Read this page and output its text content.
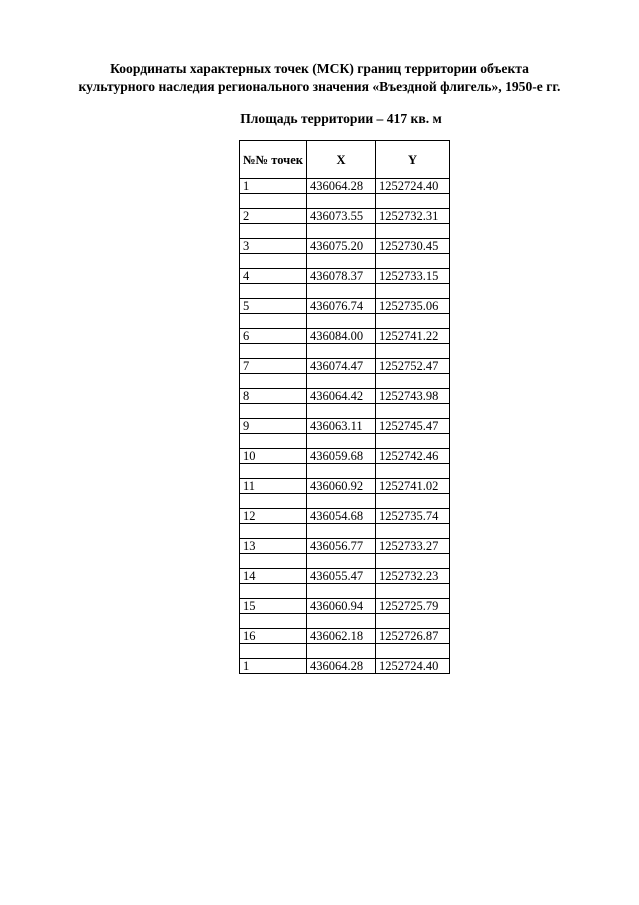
Координаты характерных точек (МСК) границ территории объекта
культурного наследия регионального значения «Въездной флигель», 1950-е гг.
Площадь территории – 417 кв. м
№№ точек	X	Y
1	436064.28	1252724.40

2	436073.55	1252732.31

3	436075.20	1252730.45

4	436078.37	1252733.15

5	436076.74	1252735.06

6	436084.00	1252741.22

7	436074.47	1252752.47

8	436064.42	1252743.98

9	436063.11	1252745.47

10	436059.68	1252742.46

11	436060.92	1252741.02

12	436054.68	1252735.74

13	436056.77	1252733.27

14	436055.47	1252732.23

15	436060.94	1252725.79

16	436062.18	1252726.87

1	436064.28	1252724.40
